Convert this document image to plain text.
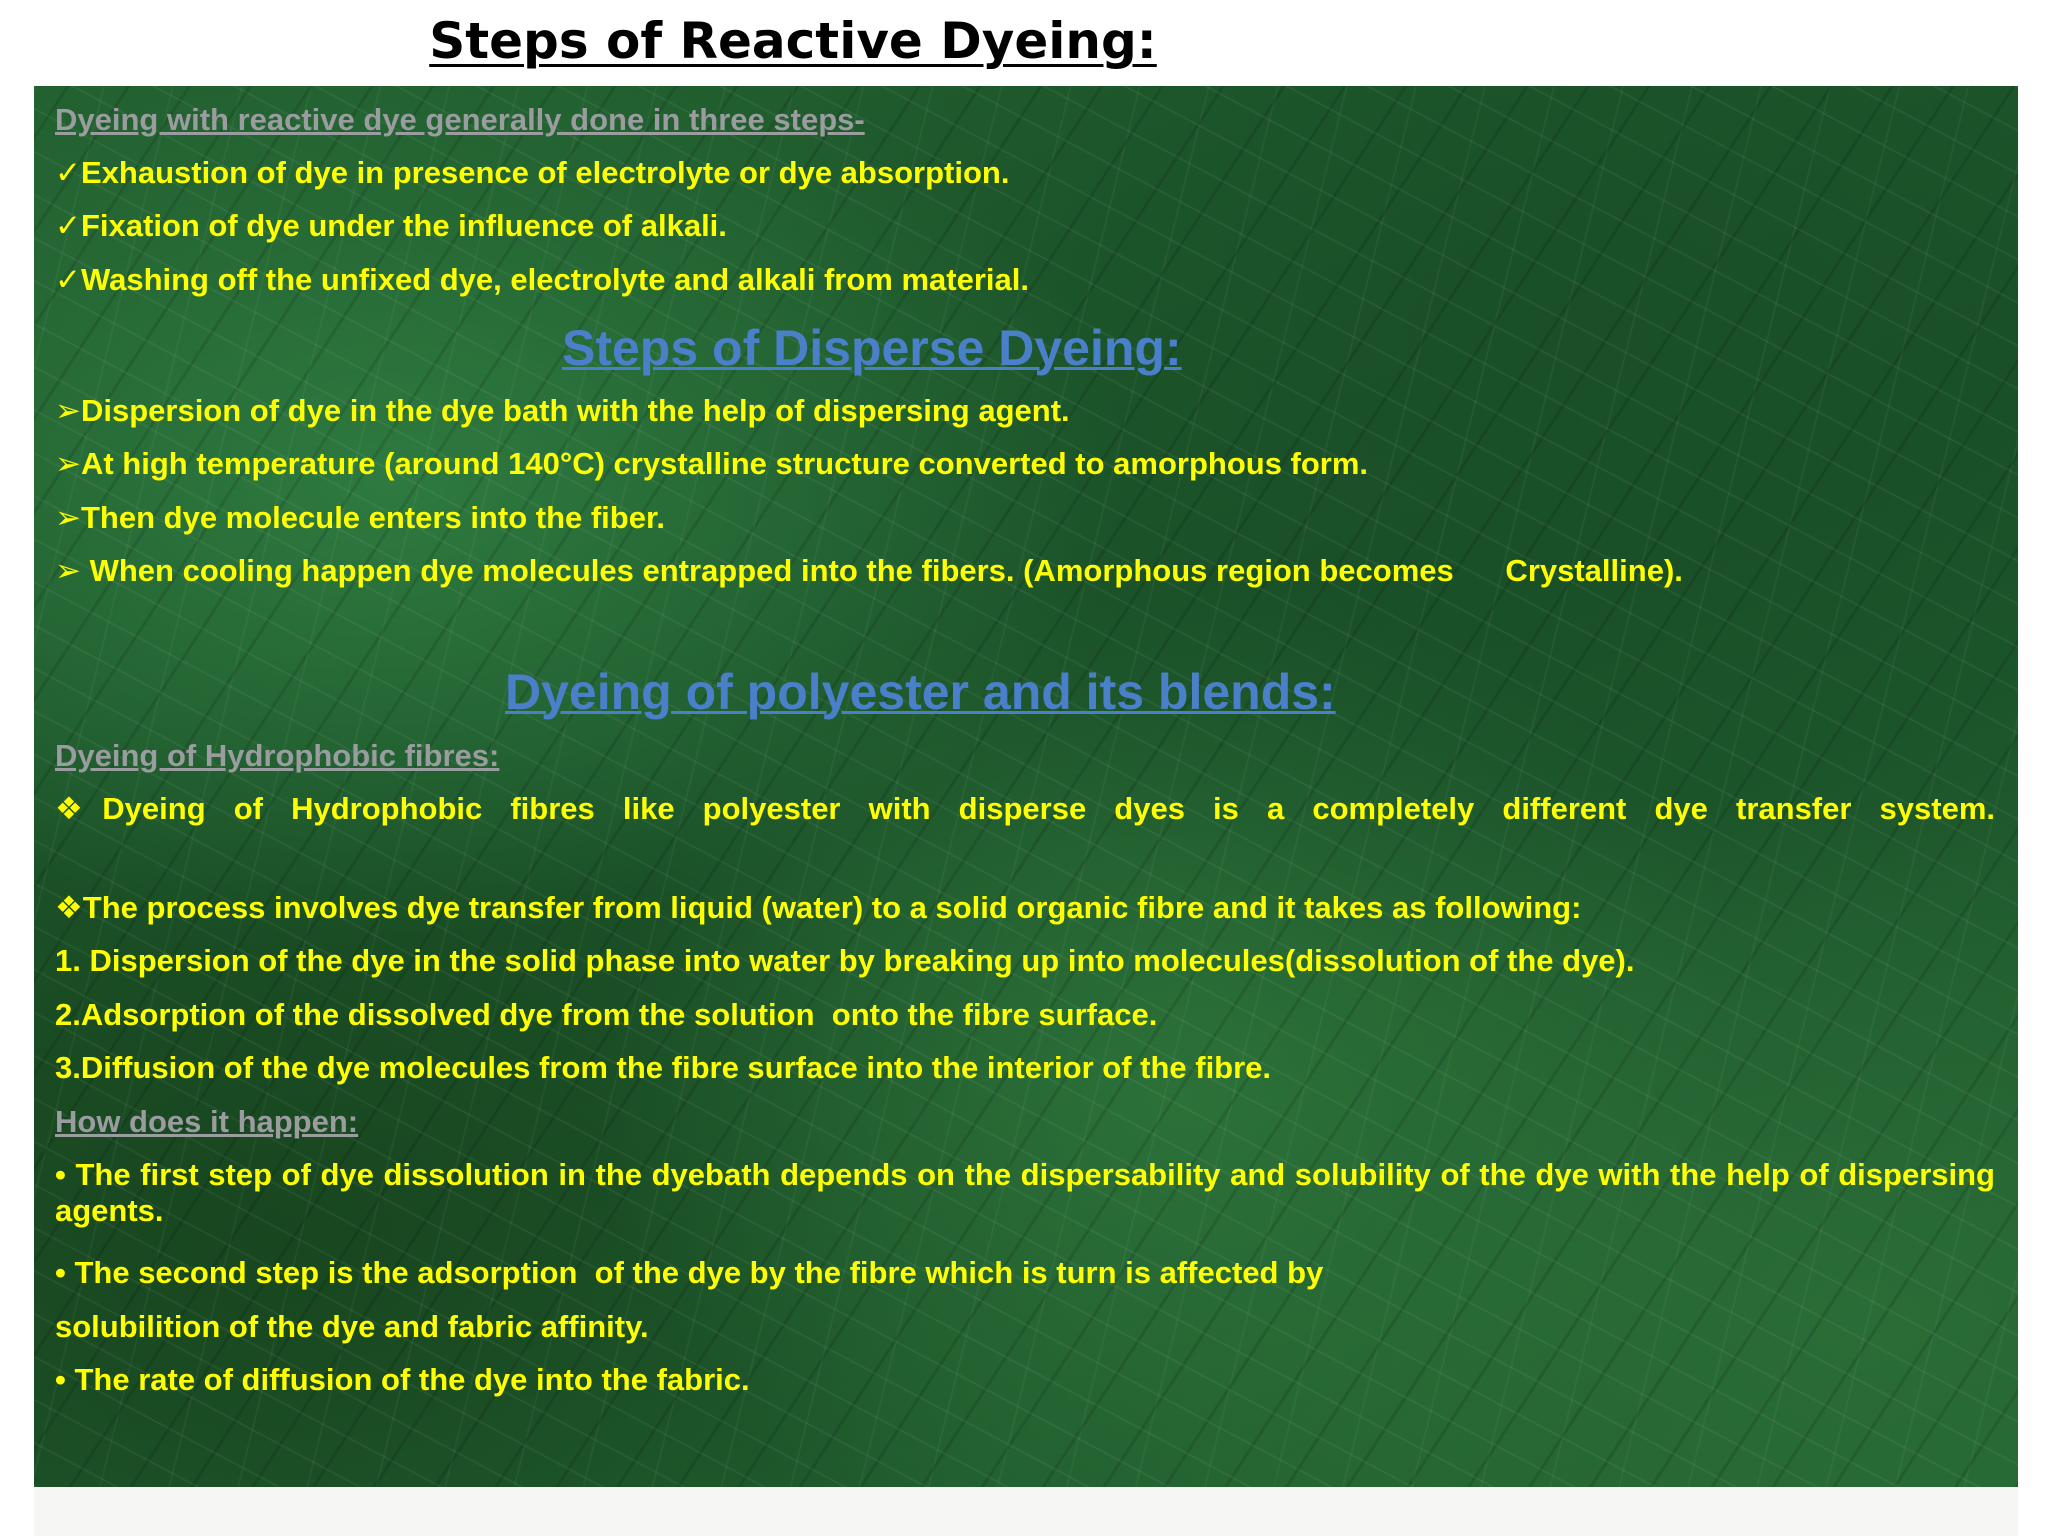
Steps of Reactive Dyeing:

Dyeing with reactive dye generally done in three steps-

✓Exhaustion of dye in presence of electrolyte or dye absorption.

✓Fixation of dye under the influence of alkali.

✓Washing off the unfixed dye, electrolyte and alkali from material.

Steps of Disperse Dyeing:

➢Dispersion of dye in the dye bath with the help of dispersing agent.

➢At high temperature (around 140°C) crystalline structure converted to amorphous form.

➢Then dye molecule enters into the fiber.

➢ When cooling happen dye molecules entrapped into the fibers. (Amorphous region becomes      Crystalline).

Dyeing of polyester and its blends:

Dyeing of Hydrophobic fibres:

❖Dyeing of Hydrophobic fibres like polyester with disperse dyes is a completely different dye transfer system.

❖The process involves dye transfer from liquid (water) to a solid organic fibre and it takes as following:

1. Dispersion of the dye in the solid phase into water by breaking up into molecules(dissolution of the dye).

2.Adsorption of the dissolved dye from the solution  onto the fibre surface.

3.Diffusion of the dye molecules from the fibre surface into the interior of the fibre.

How does it happen:

• The first step of dye dissolution in the dyebath depends on the dispersability and solubility of the dye with the help of dispersing agents.

• The second step is the adsorption  of the dye by the fibre which is turn is affected by

solubilition of the dye and fabric affinity.

• The rate of diffusion of the dye into the fabric.
